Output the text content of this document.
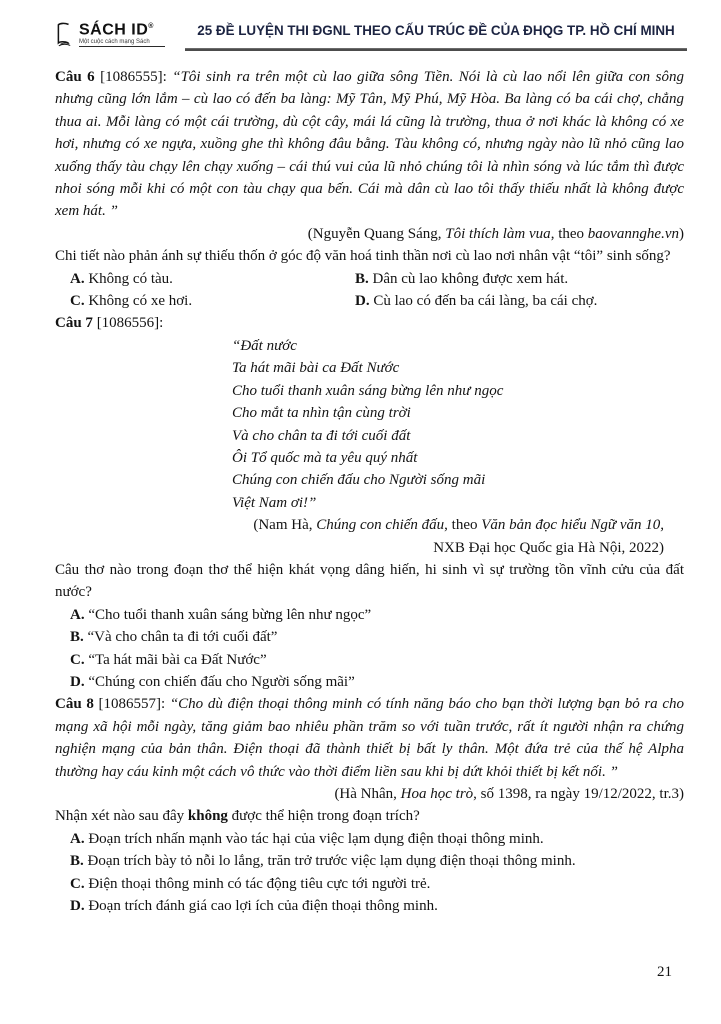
SÁCH ID®
Một cuộc cách mạng Sách
25 ĐỀ LUYỆN THI ĐGNL THEO CẤU TRÚC ĐỀ CỦA ĐHQG TP. HỒ CHÍ MINH

Câu 6 [1086555]: “Tôi sinh ra trên một cù lao giữa sông Tiền. Nói là cù lao nổi lên giữa con sông nhưng cũng lớn lắm – cù lao có đến ba làng: Mỹ Tân, Mỹ Phú, Mỹ Hòa. Ba làng có ba cái chợ, chẳng thua ai. Mỗi làng có một cái trường, dù cột cây, mái lá cũng là trường, thua ở nơi khác là không có xe hơi, nhưng có xe ngựa, xuồng ghe thì không đâu bằng. Tàu không có, nhưng ngày nào lũ nhỏ cũng lao xuống thấy tàu chạy lên chạy xuống – cái thú vui của lũ nhỏ chúng tôi là nhìn sóng và lúc tắm thì được nhoi sóng mỗi khi có một con tàu chạy qua bến. Cái mà dân cù lao tôi thấy thiếu nhất là không được xem hát. ”

(Nguyễn Quang Sáng, Tôi thích làm vua, theo baovannghe.vn)

Chi tiết nào phản ánh sự thiếu thốn ở góc độ văn hoá tinh thần nơi cù lao nơi nhân vật “tôi” sinh sống?

A. Không có tàu.	B. Dân cù lao không được xem hát.
C. Không có xe hơi.	D. Cù lao có đến ba cái làng, ba cái chợ.

Câu 7 [1086556]:

“Đất nước
Ta hát mãi bài ca Đất Nước
Cho tuổi thanh xuân sáng bừng lên như ngọc
Cho mắt ta nhìn tận cùng trời
Và cho chân ta đi tới cuối đất
Ôi Tổ quốc mà ta yêu quý nhất
Chúng con chiến đấu cho Người sống mãi
Việt Nam ơi!”

(Nam Hà, Chúng con chiến đấu, theo Văn bản đọc hiểu Ngữ văn 10,

NXB Đại học Quốc gia Hà Nội, 2022)

Câu thơ nào trong đoạn thơ thể hiện khát vọng dâng hiến, hi sinh vì sự trường tồn vĩnh cửu của đất nước?

A. “Cho tuổi thanh xuân sáng bừng lên như ngọc”
B. “Và cho chân ta đi tới cuối đất”
C. “Ta hát mãi bài ca Đất Nước”
D. “Chúng con chiến đấu cho Người sống mãi”

Câu 8 [1086557]: “Cho dù điện thoại thông minh có tính năng báo cho bạn thời lượng bạn bỏ ra cho mạng xã hội mỗi ngày, tăng giảm bao nhiêu phần trăm so với tuần trước, rất ít người nhận ra chứng nghiện mạng của bản thân. Điện thoại đã thành thiết bị bất ly thân. Một đứa trẻ của thế hệ Alpha thường hay cáu kỉnh một cách vô thức vào thời điểm liền sau khi bị dứt khỏi thiết bị kết nối. ”

(Hà Nhân, Hoa học trò, số 1398, ra ngày 19/12/2022, tr.3)

Nhận xét nào sau đây không được thể hiện trong đoạn trích?

A. Đoạn trích nhấn mạnh vào tác hại của việc lạm dụng điện thoại thông minh.
B. Đoạn trích bày tỏ nỗi lo lắng, trăn trở trước việc lạm dụng điện thoại thông minh.
C. Điện thoại thông minh có tác động tiêu cực tới người trẻ.
D. Đoạn trích đánh giá cao lợi ích của điện thoại thông minh.
21
